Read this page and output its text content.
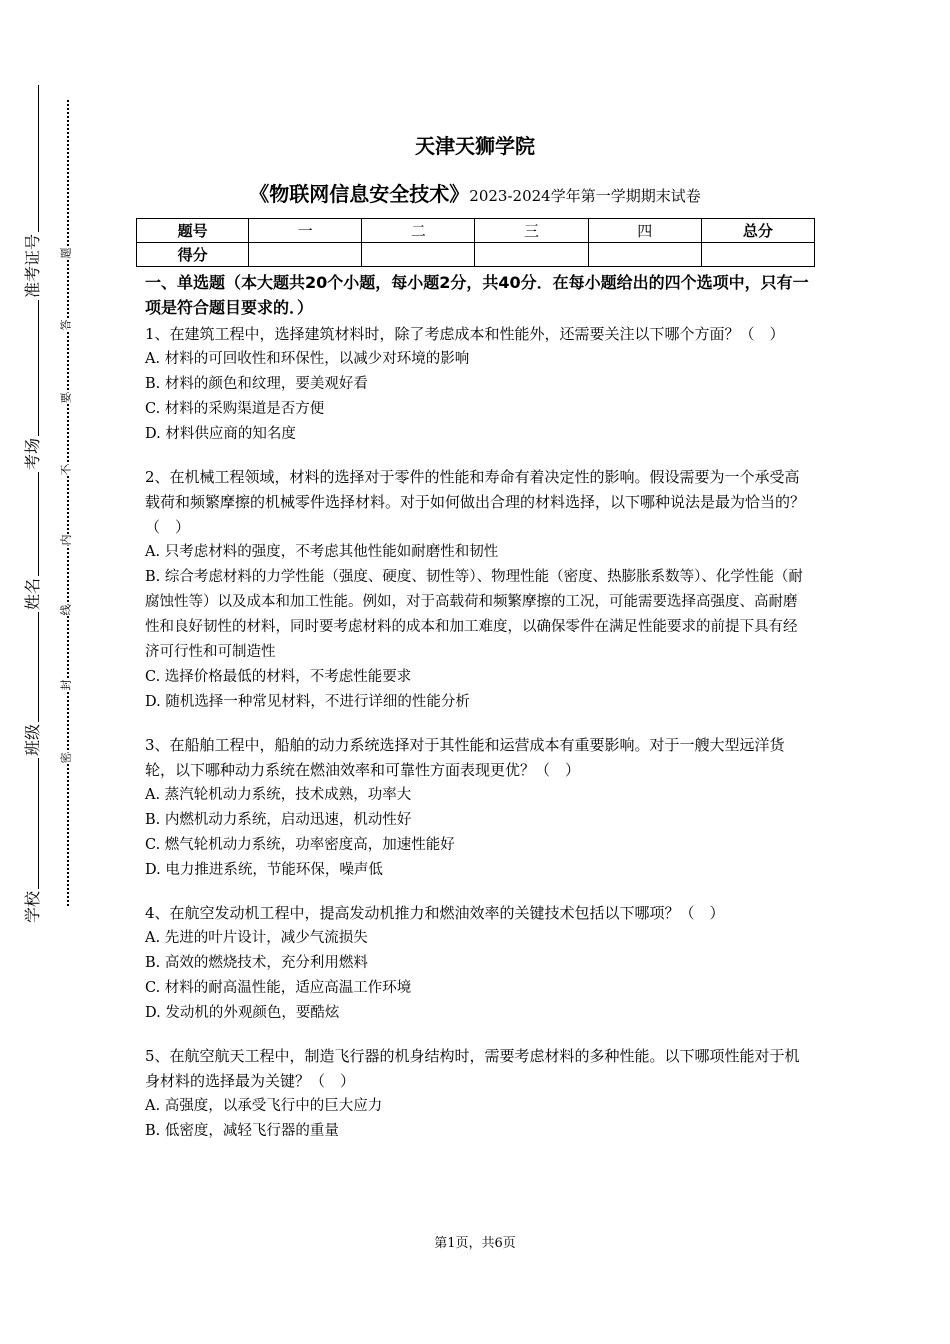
准考证号
考场
姓名
班级
学校
题
答
要
不
内
线
封
密
天津天狮学院
《物联网信息安全技术》2023-2024学年第一学期期末试卷
题号	一	二	三	四	总分
得分					

一、单选题（本大题共20个小题，每小题2分，共40分．在每小题给出的四个选项中，只有一项是符合题目要求的．）

1、在建筑工程中，选择建筑材料时，除了考虑成本和性能外，还需要关注以下哪个方面？（　）

A. 材料的可回收性和环保性，以减少对环境的影响

B. 材料的颜色和纹理，要美观好看

C. 材料的采购渠道是否方便

D. 材料供应商的知名度

2、在机械工程领域，材料的选择对于零件的性能和寿命有着决定性的影响。假设需要为一个承受高载荷和频繁摩擦的机械零件选择材料。对于如何做出合理的材料选择，以下哪种说法是最为恰当的？（　）

A. 只考虑材料的强度，不考虑其他性能如耐磨性和韧性

B. 综合考虑材料的力学性能（强度、硬度、韧性等）、物理性能（密度、热膨胀系数等）、化学性能（耐腐蚀性等）以及成本和加工性能。例如，对于高载荷和频繁摩擦的工况，可能需要选择高强度、高耐磨性和良好韧性的材料，同时要考虑材料的成本和加工难度，以确保零件在满足性能要求的前提下具有经济可行性和可制造性

C. 选择价格最低的材料，不考虑性能要求

D. 随机选择一种常见材料，不进行详细的性能分析

3、在船舶工程中，船舶的动力系统选择对于其性能和运营成本有重要影响。对于一艘大型远洋货轮，以下哪种动力系统在燃油效率和可靠性方面表现更优？（　）

A. 蒸汽轮机动力系统，技术成熟，功率大

B. 内燃机动力系统，启动迅速，机动性好

C. 燃气轮机动力系统，功率密度高，加速性能好

D. 电力推进系统，节能环保，噪声低

4、在航空发动机工程中，提高发动机推力和燃油效率的关键技术包括以下哪项？（　）

A. 先进的叶片设计，减少气流损失

B. 高效的燃烧技术，充分利用燃料

C. 材料的耐高温性能，适应高温工作环境

D. 发动机的外观颜色，要酷炫

5、在航空航天工程中，制造飞行器的机身结构时，需要考虑材料的多种性能。以下哪项性能对于机身材料的选择最为关键？（　）

A. 高强度，以承受飞行中的巨大应力

B. 低密度，减轻飞行器的重量

第1页，共6页
